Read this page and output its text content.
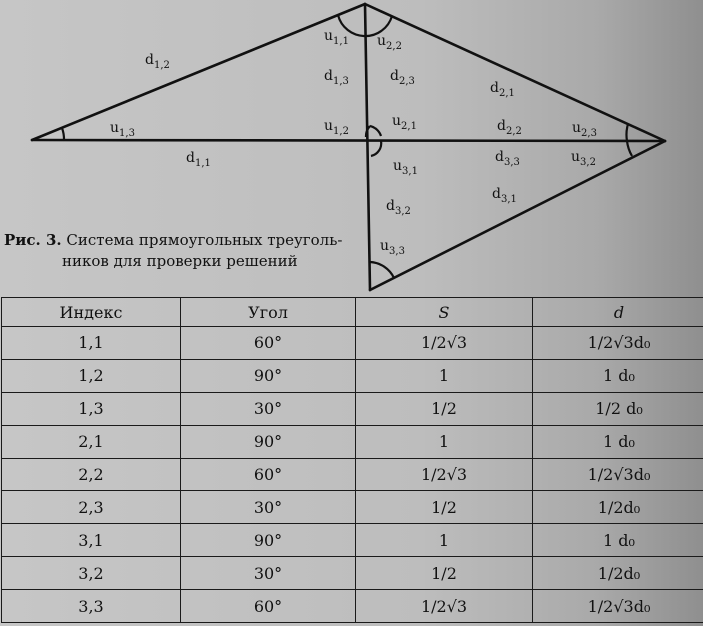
$d_{1,2}$
$u_{1,1}$ $u_{2,2}$
$d_{1,3}$	$d_{2,3}$	$d_{2,1}$
$u_{1,3}$	$u_{1,2}$
$u_{2,1}$	$d_{2,2}$	$u_{2,3}$
$d_{1,1}$	$u_{3,1}$
$d_{3,3}$	$u_{3,2}$
$d_{3,1}$
$d_{3,2}$
$u_{3,3}$
Рис. 3. Система прямоугольных треуголь-
ников для проверки решений
Индекс	Угол	S	d
1,1	60°	1/2√3	1/2√3d₀
1,2	90°	1	1 d₀
1,3	30°	1/2	1/2 d₀
2,1	90°	1	1 d₀
2,2	60°	1/2√3	1/2√3d₀
2,3	30°	1/2	1/2d₀
3,1	90°	1	1 d₀
3,2	30°	1/2	1/2d₀
3,3	60°	1/2√3	1/2√3d₀
